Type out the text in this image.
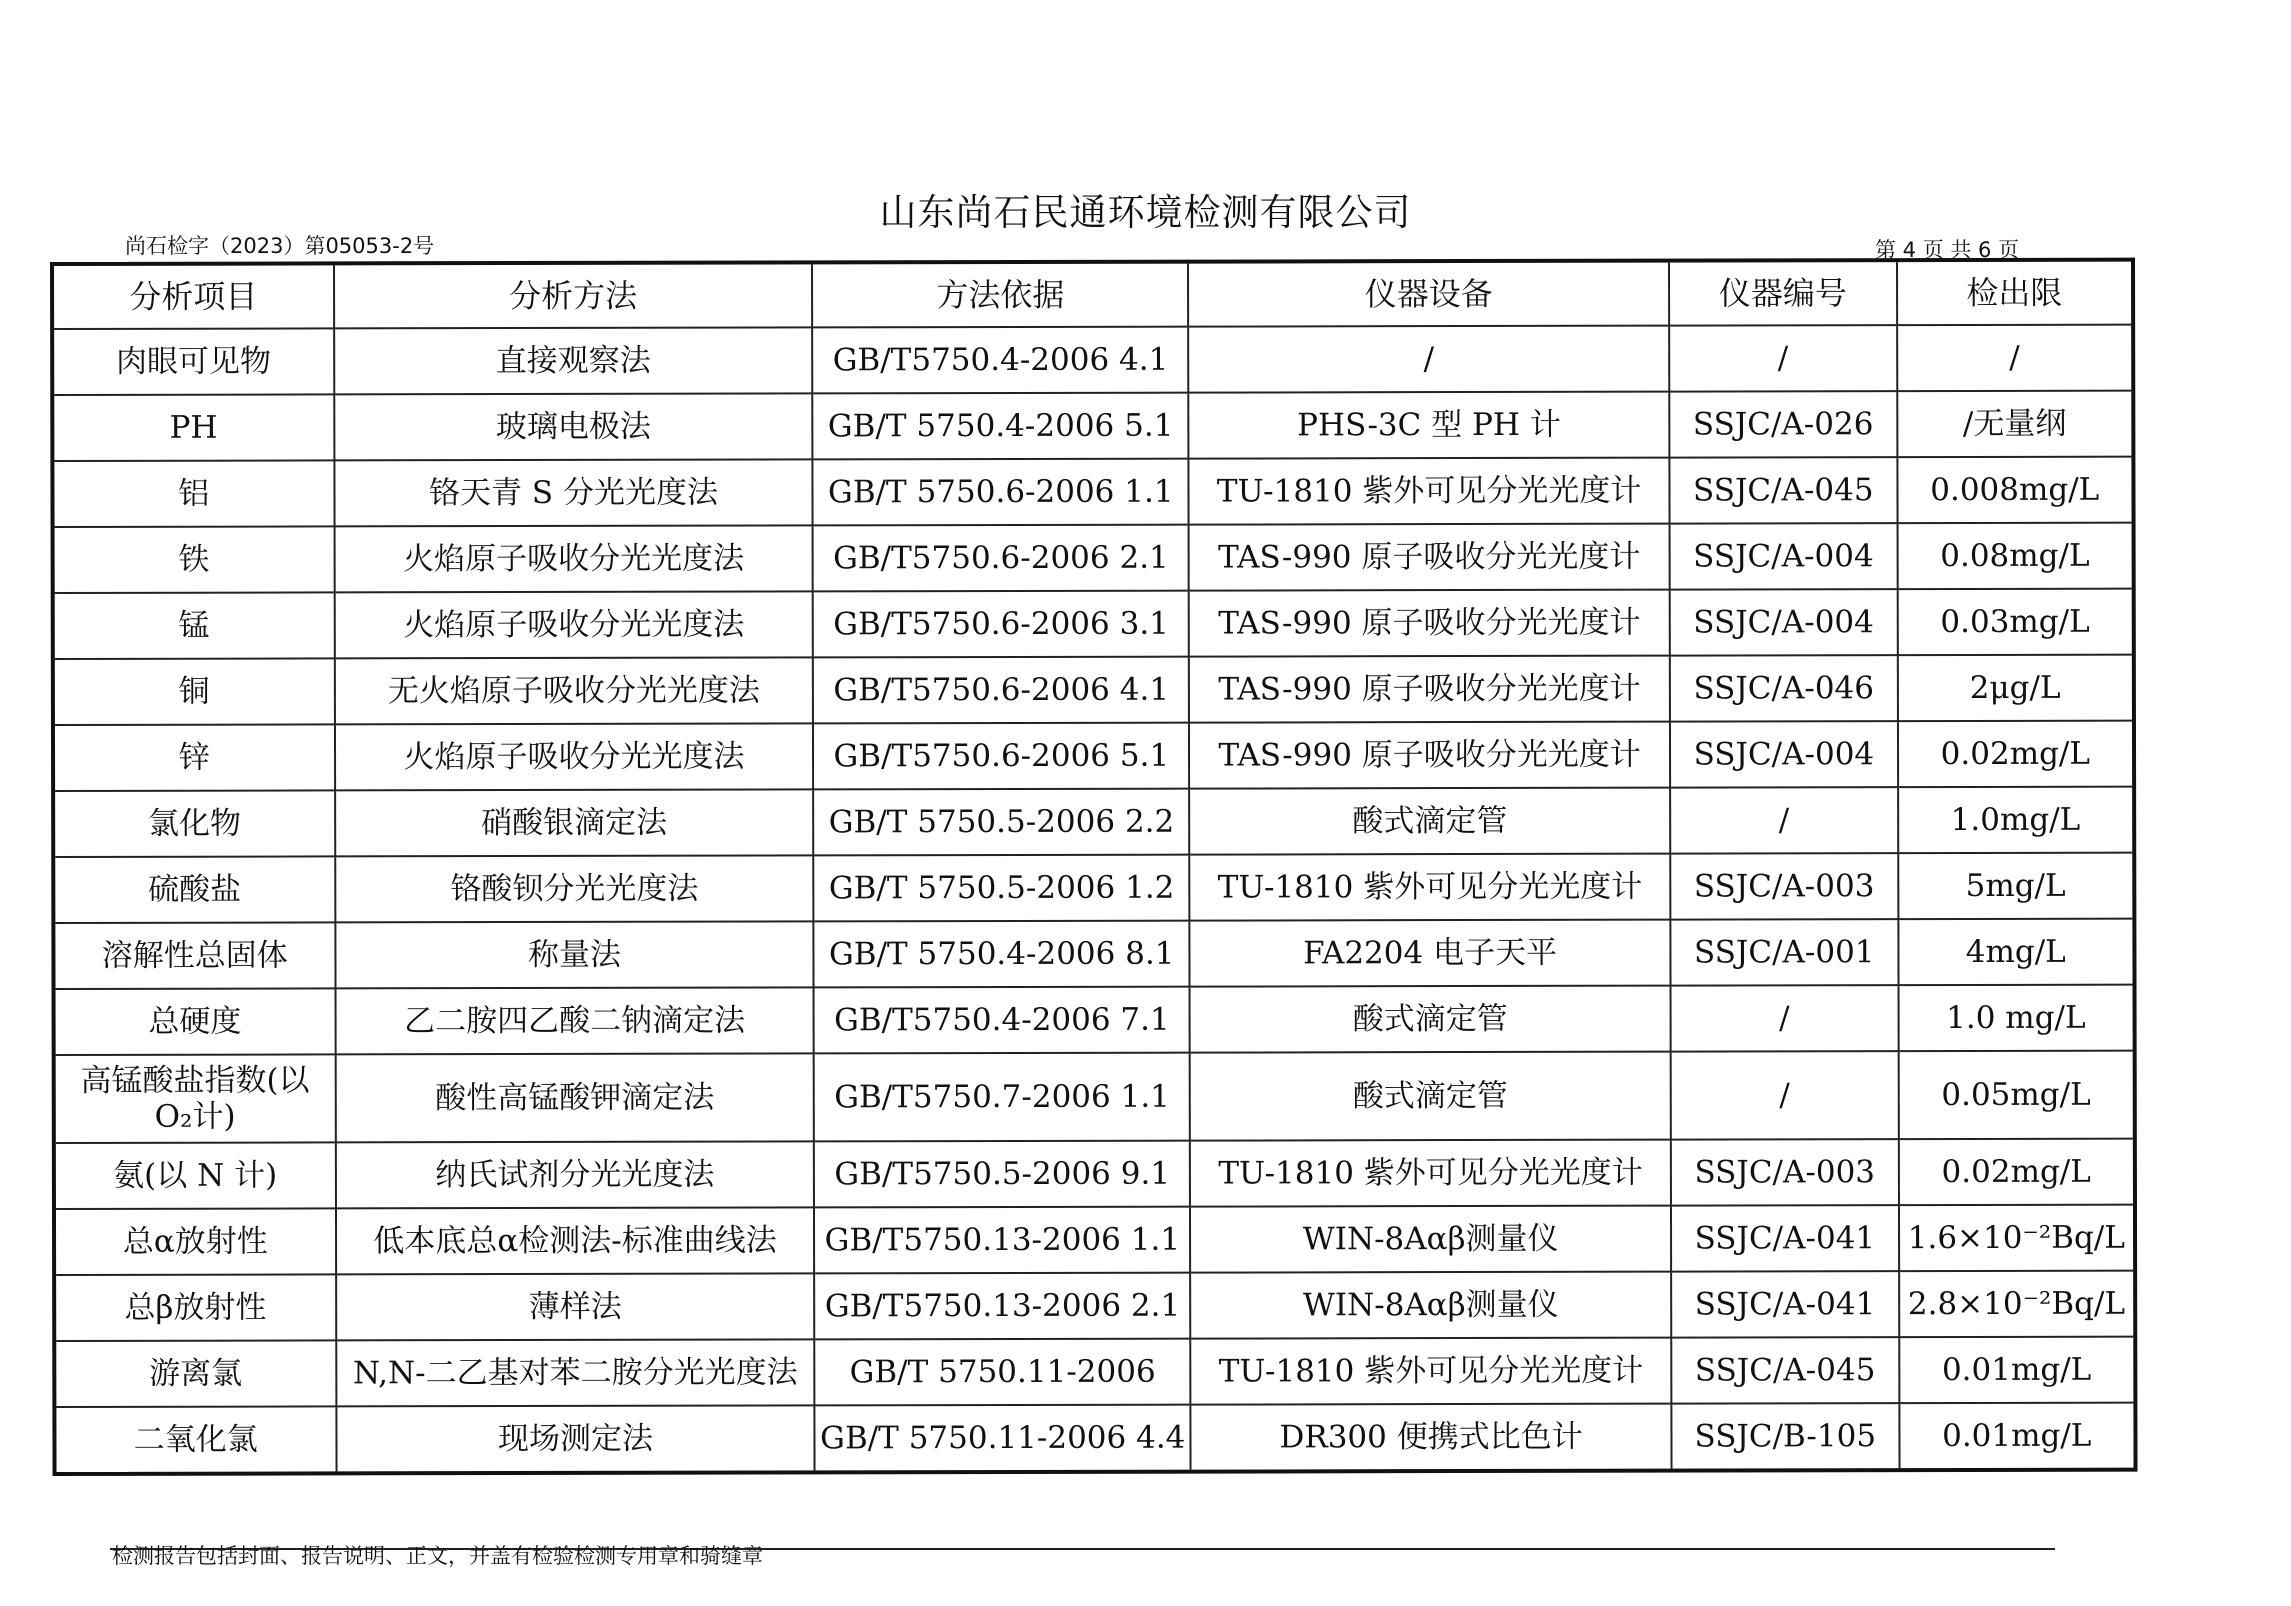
山东尚石民通环境检测有限公司
尚石检字（2023）第05053-2号	第 4 页 共 6 页
分析项目	分析方法	方法依据	仪器设备	仪器编号	检出限
肉眼可见物	直接观察法	GB/T5750.4-2006 4.1	/	/	/
PH	玻璃电极法	GB/T 5750.4-2006 5.1	PHS-3C 型 PH 计	SSJC/A-026	/无量纲
铝	铬天青 S 分光光度法	GB/T 5750.6-2006 1.1	TU-1810 紫外可见分光光度计	SSJC/A-045	0.008mg/L
铁	火焰原子吸收分光光度法	GB/T5750.6-2006 2.1	TAS-990 原子吸收分光光度计	SSJC/A-004	0.08mg/L
锰	火焰原子吸收分光光度法	GB/T5750.6-2006 3.1	TAS-990 原子吸收分光光度计	SSJC/A-004	0.03mg/L
铜	无火焰原子吸收分光光度法	GB/T5750.6-2006 4.1	TAS-990 原子吸收分光光度计	SSJC/A-046	2μg/L
锌	火焰原子吸收分光光度法	GB/T5750.6-2006 5.1	TAS-990 原子吸收分光光度计	SSJC/A-004	0.02mg/L
氯化物	硝酸银滴定法	GB/T 5750.5-2006 2.2	酸式滴定管	/	1.0mg/L
硫酸盐	铬酸钡分光光度法	GB/T 5750.5-2006 1.2	TU-1810 紫外可见分光光度计	SSJC/A-003	5mg/L
溶解性总固体	称量法	GB/T 5750.4-2006 8.1	FA2204 电子天平	SSJC/A-001	4mg/L
总硬度	乙二胺四乙酸二钠滴定法	GB/T5750.4-2006 7.1	酸式滴定管	/	1.0 mg/L
高锰酸盐指数(以 O₂计)	酸性高锰酸钾滴定法	GB/T5750.7-2006 1.1	酸式滴定管	/	0.05mg/L
氨(以 N 计)	纳氏试剂分光光度法	GB/T5750.5-2006 9.1	TU-1810 紫外可见分光光度计	SSJC/A-003	0.02mg/L
总α放射性	低本底总α检测法-标准曲线法	GB/T5750.13-2006 1.1	WIN-8Aαβ测量仪	SSJC/A-041	1.6×10⁻²Bq/L
总β放射性	薄样法	GB/T5750.13-2006 2.1	WIN-8Aαβ测量仪	SSJC/A-041	2.8×10⁻²Bq/L
游离氯	N,N-二乙基对苯二胺分光光度法	GB/T 5750.11-2006	TU-1810 紫外可见分光光度计	SSJC/A-045	0.01mg/L
二氧化氯	现场测定法	GB/T 5750.11-2006 4.4	DR300 便携式比色计	SSJC/B-105	0.01mg/L
检测报告包括封面、报告说明、正文，并盖有检验检测专用章和骑缝章
